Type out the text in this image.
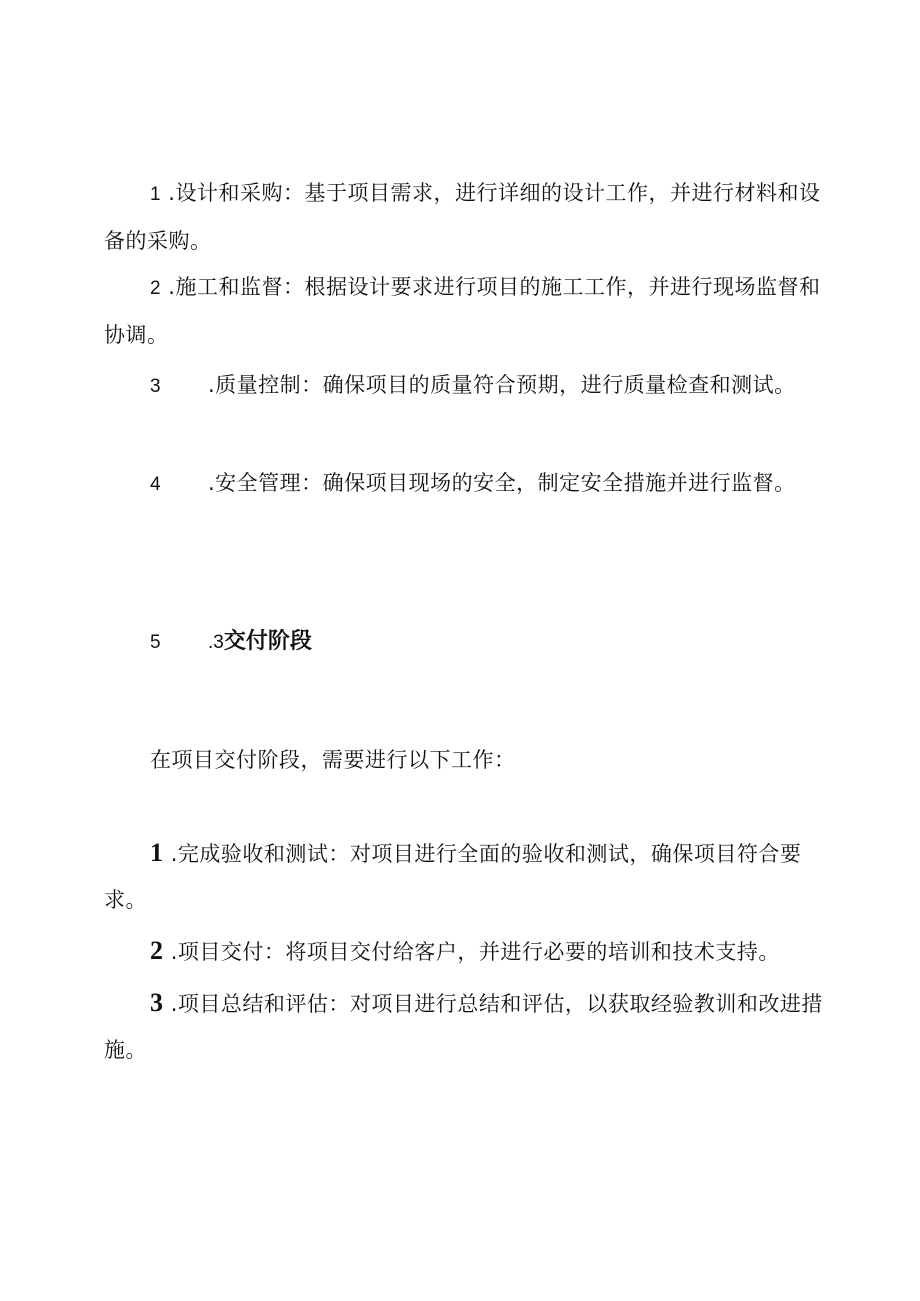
1 .设计和采购：基于项目需求，进行详细的设计工作，并进行材料和设备的采购。
2 .施工和监督：根据设计要求进行项目的施工工作，并进行现场监督和协调。
3 .质量控制：确保项目的质量符合预期，进行质量检查和测试。
4 .安全管理：确保项目现场的安全，制定安全措施并进行监督。
5 .3交付阶段
在项目交付阶段，需要进行以下工作：
1 .完成验收和测试：对项目进行全面的验收和测试，确保项目符合要求。
2 .项目交付：将项目交付给客户，并进行必要的培训和技术支持。
3 .项目总结和评估：对项目进行总结和评估，以获取经验教训和改进措施。
